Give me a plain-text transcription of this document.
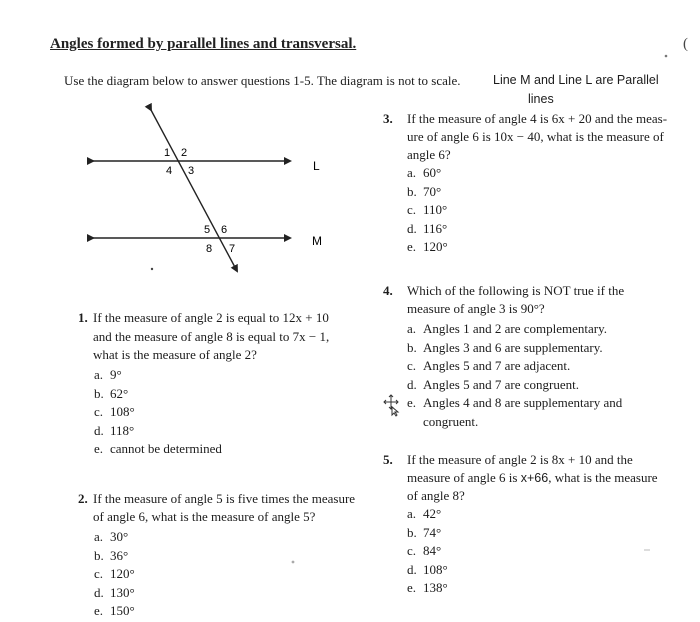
Angles formed by parallel lines and transversal.	(
Use the diagram below to answer questions 1-5. The diagram is not to scale.	Line M and Line L are Parallel
lines
1 2
4 3
5 6
8 7
L
M
1. If the measure of angle 2 is equal to 12x + 10
and the measure of angle 8 is equal to 7x − 1,
what is the measure of angle 2?
a. 9°
b. 62°
c. 108°
d. 118°
e. cannot be determined
2. If the measure of angle 5 is five times the measure
of angle 6, what is the measure of angle 5?
a. 30°
b. 36°
c. 120°
d. 130°
e. 150°
3. If the measure of angle 4 is 6x + 20 and the meas-
ure of angle 6 is 10x − 40, what is the measure of
angle 6?
a. 60°
b. 70°
c. 110°
d. 116°
e. 120°
4. Which of the following is NOT true if the
measure of angle 3 is 90°?
a. Angles 1 and 2 are complementary.
b. Angles 3 and 6 are supplementary.
c. Angles 5 and 7 are adjacent.
d. Angles 5 and 7 are congruent.
e. Angles 4 and 8 are supplementary and
congruent.
5. If the measure of angle 2 is 8x + 10 and the
measure of angle 6 is x+66, what is the measure
of angle 8?
a. 42°
b. 74°
c. 84°
d. 108°
e. 138°
